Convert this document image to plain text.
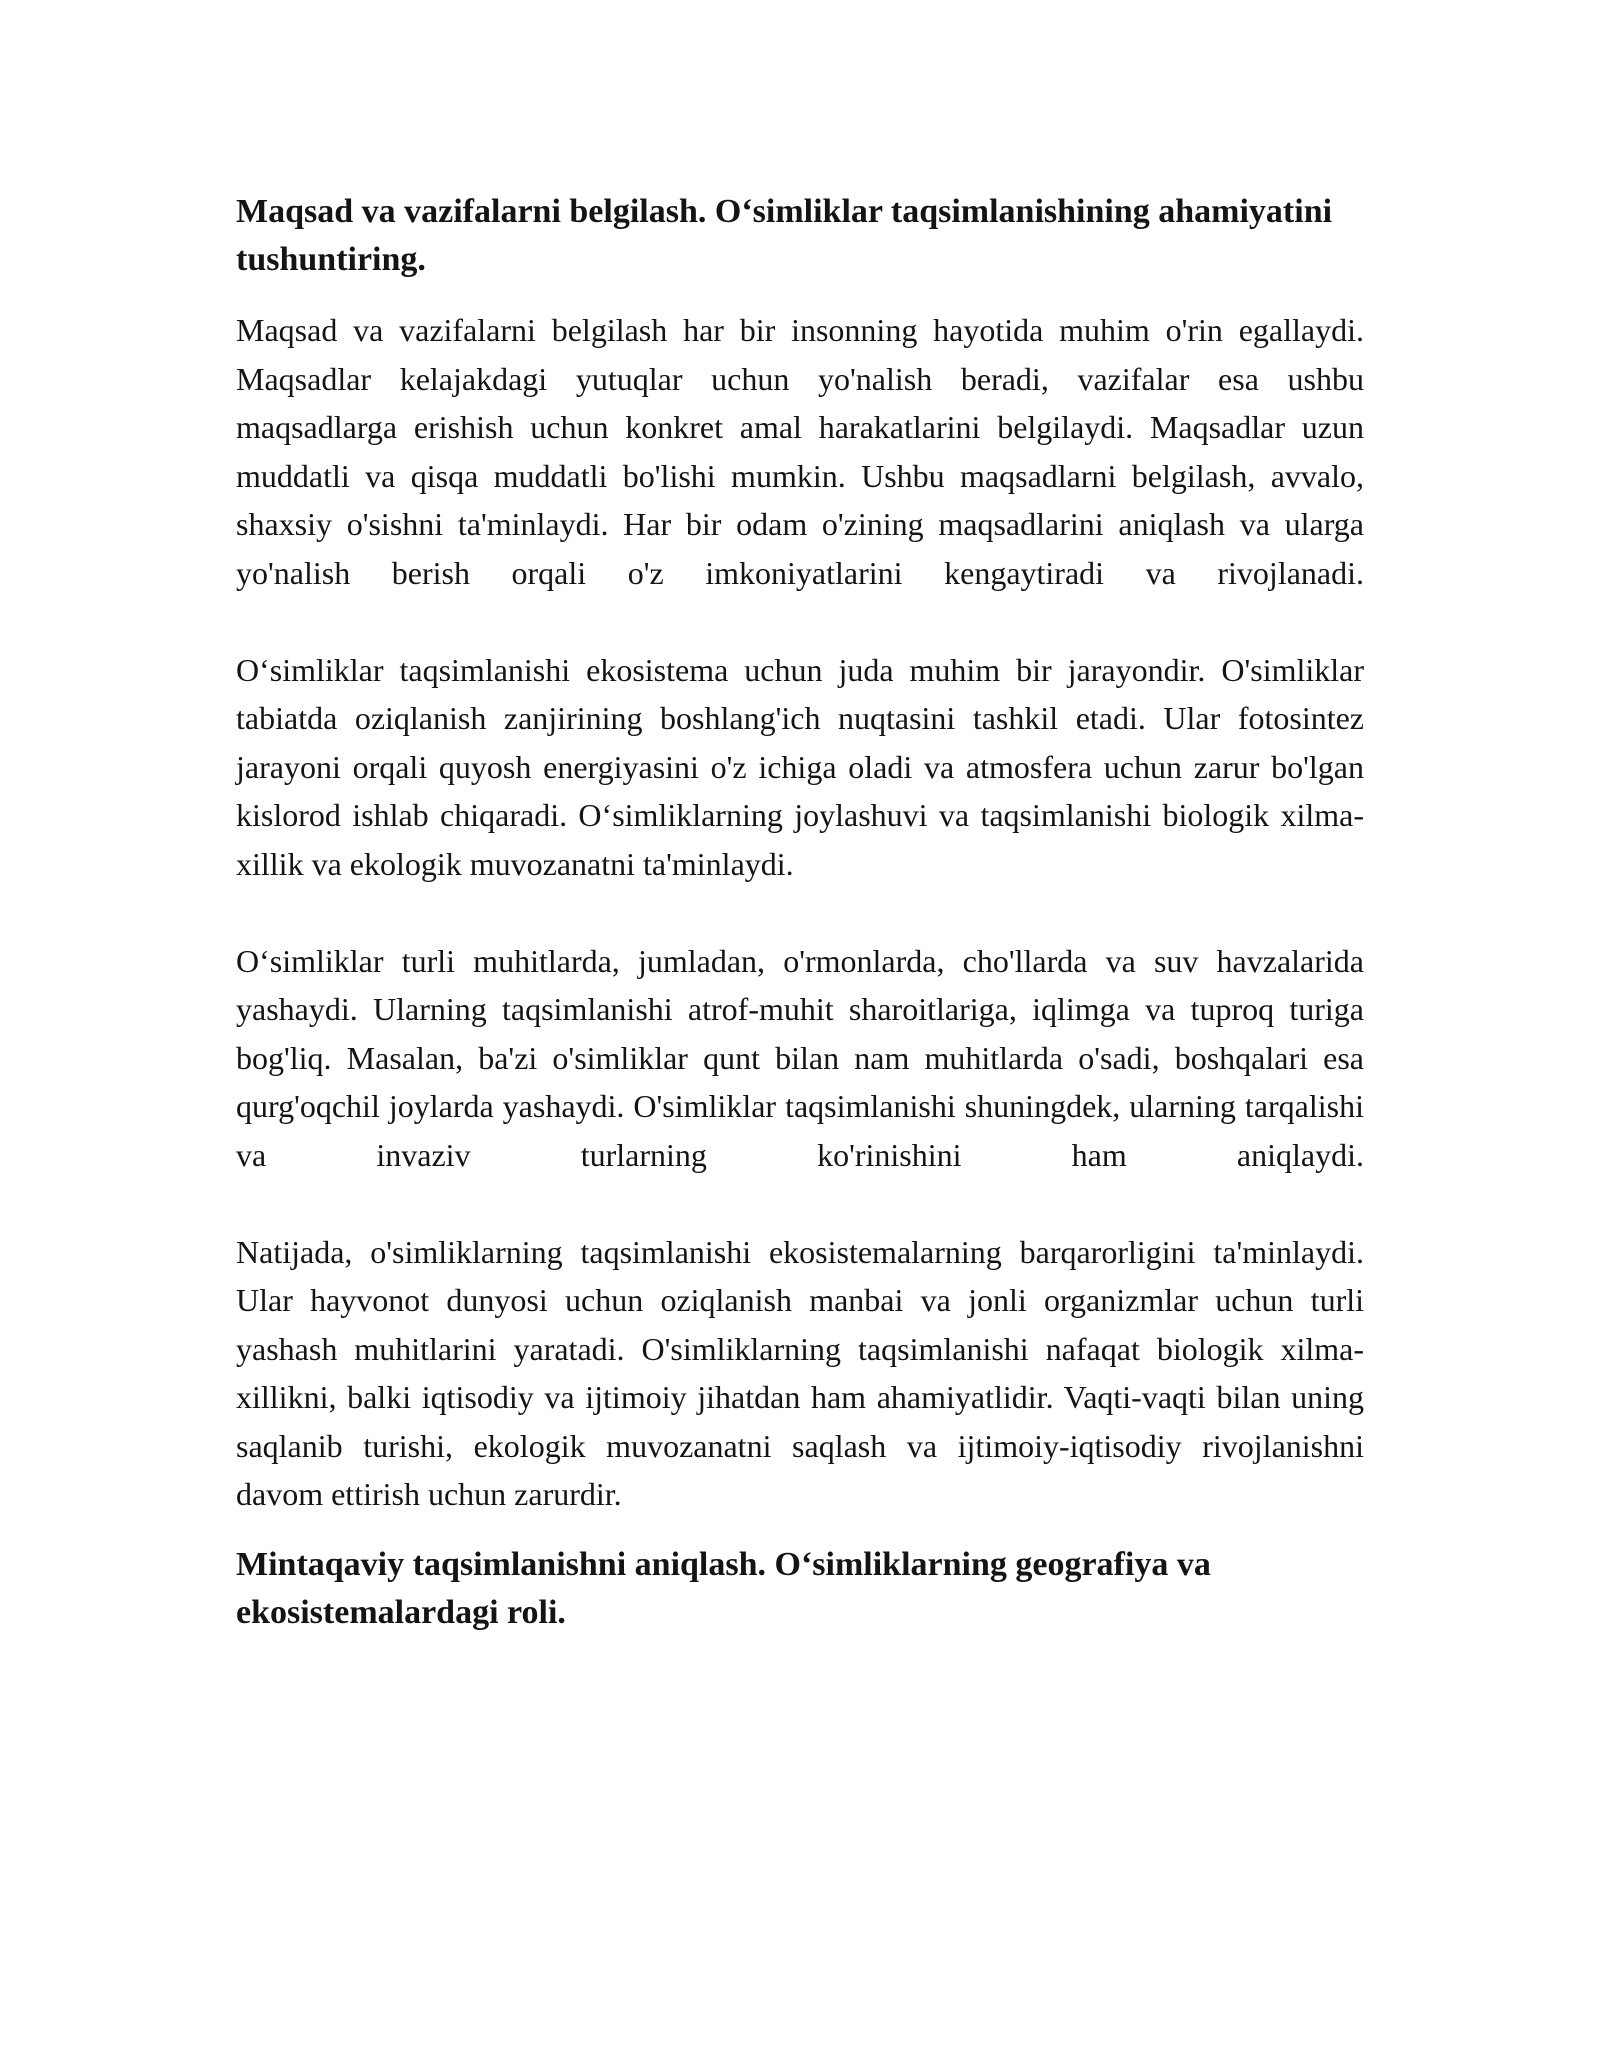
Maqsad va vazifalarni belgilash. O‘simliklar taqsimlanishining ahamiyatini tushuntiring.

Maqsad va vazifalarni belgilash har bir insonning hayotida muhim o'rin egallaydi. Maqsadlar kelajakdagi yutuqlar uchun yo'nalish beradi, vazifalar esa ushbu maqsadlarga erishish uchun konkret amal harakatlarini belgilaydi. Maqsadlar uzun muddatli va qisqa muddatli bo'lishi mumkin. Ushbu maqsadlarni belgilash, avvalo, shaxsiy o'sishni ta'minlaydi. Har bir odam o'zining maqsadlarini aniqlash va ularga yo'nalish berish orqali o'z imkoniyatlarini kengaytiradi va rivojlanadi.

O‘simliklar taqsimlanishi ekosistema uchun juda muhim bir jarayondir. O'simliklar tabiatda oziqlanish zanjirining boshlang'ich nuqtasini tashkil etadi. Ular fotosintez jarayoni orqali quyosh energiyasini o'z ichiga oladi va atmosfera uchun zarur bo'lgan kislorod ishlab chiqaradi. O‘simliklarning joylashuvi va taqsimlanishi biologik xilma-xillik va ekologik muvozanatni ta'minlaydi.

O‘simliklar turli muhitlarda, jumladan, o'rmonlarda, cho'llarda va suv havzalarida yashaydi. Ularning taqsimlanishi atrof-muhit sharoitlariga, iqlimga va tuproq turiga bog'liq. Masalan, ba'zi o'simliklar qunt bilan nam muhitlarda o'sadi, boshqalari esa qurg'oqchil joylarda yashaydi. O'simliklar taqsimlanishi shuningdek, ularning tarqalishi va invaziv turlarning ko'rinishini ham aniqlaydi.

Natijada, o'simliklarning taqsimlanishi ekosistemalarning barqarorligini ta'minlaydi. Ular hayvonot dunyosi uchun oziqlanish manbai va jonli organizmlar uchun turli yashash muhitlarini yaratadi. O'simliklarning taqsimlanishi nafaqat biologik xilma-xillikni, balki iqtisodiy va ijtimoiy jihatdan ham ahamiyatlidir. Vaqti-vaqti bilan uning saqlanib turishi, ekologik muvozanatni saqlash va ijtimoiy-iqtisodiy rivojlanishni davom ettirish uchun zarurdir.

Mintaqaviy taqsimlanishni aniqlash. O‘simliklarning geografiya va ekosistemalardagi roli.
